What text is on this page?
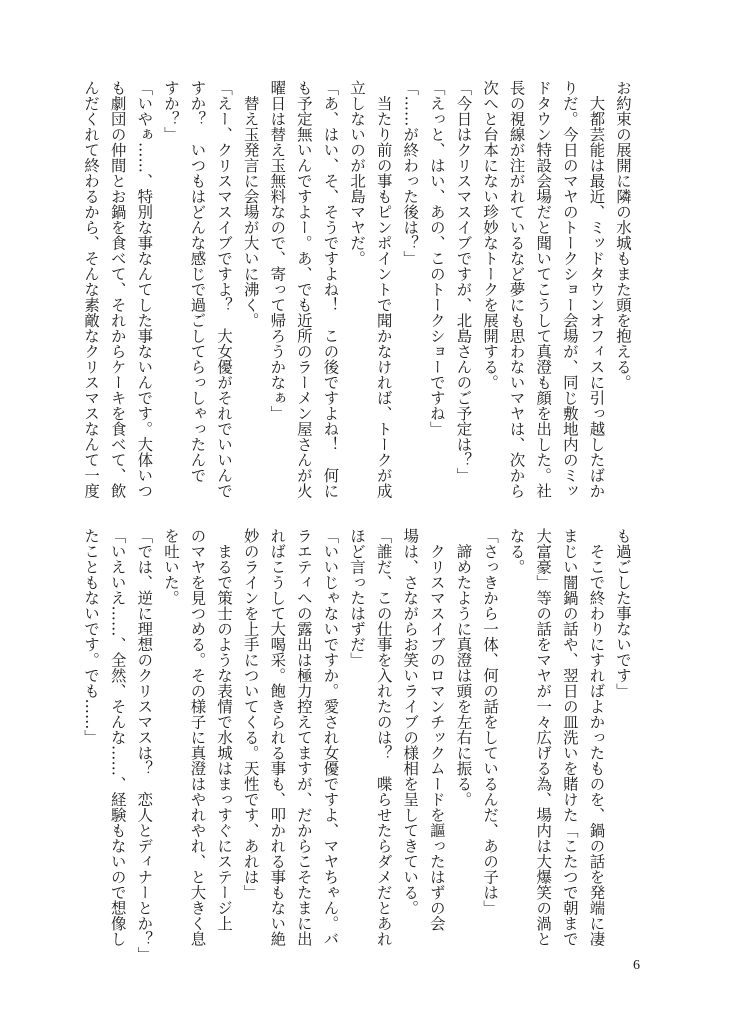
お約束の展開に隣の水城もまた頭を抱える。
　大都芸能は最近、ミッドタウンオフィスに引っ越したばか
りだ。今日のマヤのトークショー会場が、同じ敷地内のミッ
ドタウン特設会場だと聞いてこうして真澄も顔を出した。社
長の視線が注がれているなど夢にも思わないマヤは、次から
次へと台本にない珍妙なトークを展開する。
「今日はクリスマスイブですが、北島さんのご予定は？」
「えっと、はい、あの、このトークショーですね」
「……が終わった後は？」
　当たり前の事もピンポイントで聞かなければ、トークが成
立しないのが北島マヤだ。
「あ、はい、そ、そうですよね！　この後ですよね！　何に
も予定無いんですよー。あ、でも近所のラーメン屋さんが火
曜日は替え玉無料なので、寄って帰ろうかなぁ」
　替え玉発言に会場が大いに沸く。
「えー、クリスマスイブですよ？　大女優がそれでいいんで
すか？　いつもはどんな感じで過ごしてらっしゃったんで
すか？」
「いやぁ……、特別な事なんてした事ないんです。大体いつ
も劇団の仲間とお鍋を食べて、それからケーキを食べて、飲
んだくれて終わるから、そんな素敵なクリスマスなんて一度
も過ごした事ないです」
　そこで終わりにすればよかったものを、鍋の話を発端に凄
まじい闇鍋の話や、翌日の皿洗いを賭けた「こたつで朝まで
大富豪」等の話をマヤが一々広げる為、場内は大爆笑の渦と
なる。
「さっきから一体、何の話をしているんだ、あの子は」
　諦めたように真澄は頭を左右に振る。
　クリスマスイブのロマンチックムードを謳ったはずの会
場は、さながらお笑いライブの様相を呈してきている。
「誰だ、この仕事を入れたのは？　喋らせたらダメだとあれ
ほど言ったはずだ」
「いいじゃないですか。愛され女優ですよ、マヤちゃん。バ
ラエティへの露出は極力控えてますが、だからこそたまに出
ればこうして大喝采。飽きられる事も、叩かれる事もない絶
妙のラインを上手についてくる。天性です、あれは」
　まるで策士のような表情で水城はまっすぐにステージ上
のマヤを見つめる。その様子に真澄はやれやれ、と大きく息
を吐いた。
「では、逆に理想のクリスマスは？　恋人とディナーとか？」
「いえいえ……、全然、そんな……、経験もないので想像し
たこともないです。でも……」
6
